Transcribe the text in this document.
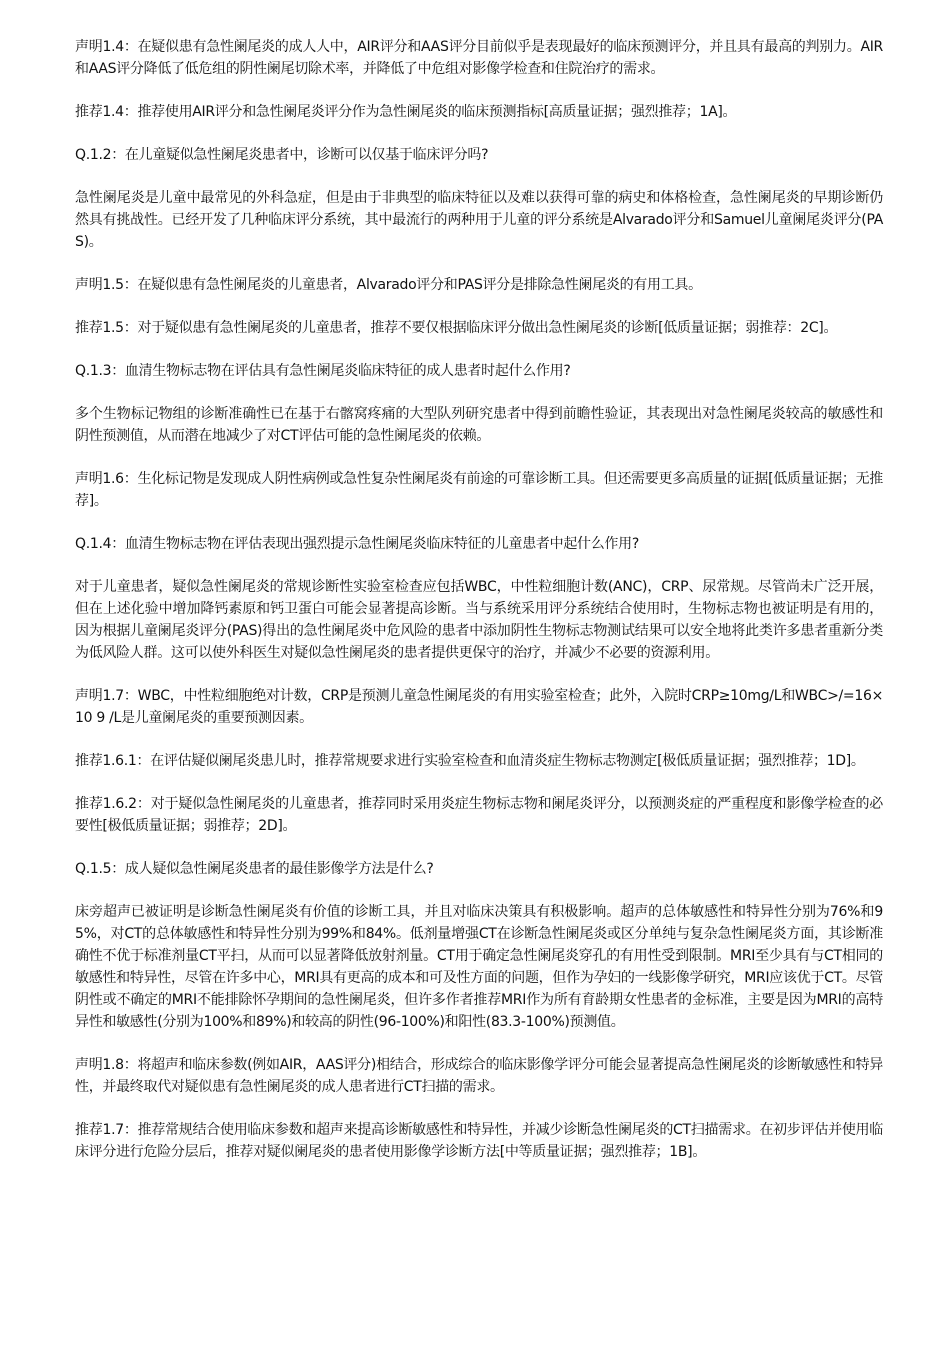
声明1.4：在疑似患有急性阑尾炎的成人人中，AIR评分和AAS评分目前似乎是表现最好的临床预测评分，并且具有最高的判别力。AIR和AAS评分降低了低危组的阴性阑尾切除术率，并降低了中危组对影像学检查和住院治疗的需求。

推荐1.4：推荐使用AIR评分和急性阑尾炎评分作为急性阑尾炎的临床预测指标[高质量证据；强烈推荐；1A]。

Q.1.2：在儿童疑似急性阑尾炎患者中，诊断可以仅基于临床评分吗?

急性阑尾炎是儿童中最常见的外科急症，但是由于非典型的临床特征以及难以获得可靠的病史和体格检查，急性阑尾炎的早期诊断仍然具有挑战性。已经开发了几种临床评分系统，其中最流行的两种用于儿童的评分系统是Alvarado评分和Samuel儿童阑尾炎评分(PAS)。

声明1.5：在疑似患有急性阑尾炎的儿童患者，Alvarado评分和PAS评分是排除急性阑尾炎的有用工具。

推荐1.5：对于疑似患有急性阑尾炎的儿童患者，推荐不要仅根据临床评分做出急性阑尾炎的诊断[低质量证据；弱推荐：2C]。

Q.1.3：血清生物标志物在评估具有急性阑尾炎临床特征的成人患者时起什么作用?

多个生物标记物组的诊断准确性已在基于右髂窝疼痛的大型队列研究患者中得到前瞻性验证，其表现出对急性阑尾炎较高的敏感性和阴性预测值，从而潜在地减少了对CT评估可能的急性阑尾炎的依赖。

声明1.6：生化标记物是发现成人阴性病例或急性复杂性阑尾炎有前途的可靠诊断工具。但还需要更多高质量的证据[低质量证据；无推荐]。

Q.1.4：血清生物标志物在评估表现出强烈提示急性阑尾炎临床特征的儿童患者中起什么作用?

对于儿童患者，疑似急性阑尾炎的常规诊断性实验室检查应包括WBC，中性粒细胞计数(ANC)，CRP、尿常规。尽管尚未广泛开展，但在上述化验中增加降钙素原和钙卫蛋白可能会显著提高诊断。当与系统采用评分系统结合使用时，生物标志物也被证明是有用的，因为根据儿童阑尾炎评分(PAS)得出的急性阑尾炎中危风险的患者中添加阴性生物标志物测试结果可以安全地将此类许多患者重新分类为低风险人群。这可以使外科医生对疑似急性阑尾炎的患者提供更保守的治疗，并减少不必要的资源利用。

声明1.7：WBC，中性粒细胞绝对计数，CRP是预测儿童急性阑尾炎的有用实验室检查；此外，入院时CRP≥10mg/L和WBC>/=16×10 9 /L是儿童阑尾炎的重要预测因素。

推荐1.6.1：在评估疑似阑尾炎患儿时，推荐常规要求进行实验室检查和血清炎症生物标志物测定[极低质量证据；强烈推荐；1D]。

推荐1.6.2：对于疑似急性阑尾炎的儿童患者，推荐同时采用炎症生物标志物和阑尾炎评分，以预测炎症的严重程度和影像学检查的必要性[极低质量证据；弱推荐；2D]。

Q.1.5：成人疑似急性阑尾炎患者的最佳影像学方法是什么?

床旁超声已被证明是诊断急性阑尾炎有价值的诊断工具，并且对临床决策具有积极影响。超声的总体敏感性和特异性分别为76%和95%，对CT的总体敏感性和特异性分别为99%和84%。低剂量增强CT在诊断急性阑尾炎或区分单纯与复杂急性阑尾炎方面，其诊断准确性不优于标准剂量CT平扫，从而可以显著降低放射剂量。CT用于确定急性阑尾炎穿孔的有用性受到限制。MRI至少具有与CT相同的敏感性和特异性，尽管在许多中心，MRI具有更高的成本和可及性方面的问题，但作为孕妇的一线影像学研究，MRI应该优于CT。尽管阴性或不确定的MRI不能排除怀孕期间的急性阑尾炎，但许多作者推荐MRI作为所有育龄期女性患者的金标准，主要是因为MRI的高特异性和敏感性(分别为100%和89%)和较高的阴性(96-100%)和阳性(83.3-100%)预测值。

声明1.8：将超声和临床参数(例如AIR，AAS评分)相结合，形成综合的临床影像学评分可能会显著提高急性阑尾炎的诊断敏感性和特异性，并最终取代对疑似患有急性阑尾炎的成人患者进行CT扫描的需求。

推荐1.7：推荐常规结合使用临床参数和超声来提高诊断敏感性和特异性，并减少诊断急性阑尾炎的CT扫描需求。在初步评估并使用临床评分进行危险分层后，推荐对疑似阑尾炎的患者使用影像学诊断方法[中等质量证据；强烈推荐；1B]。
